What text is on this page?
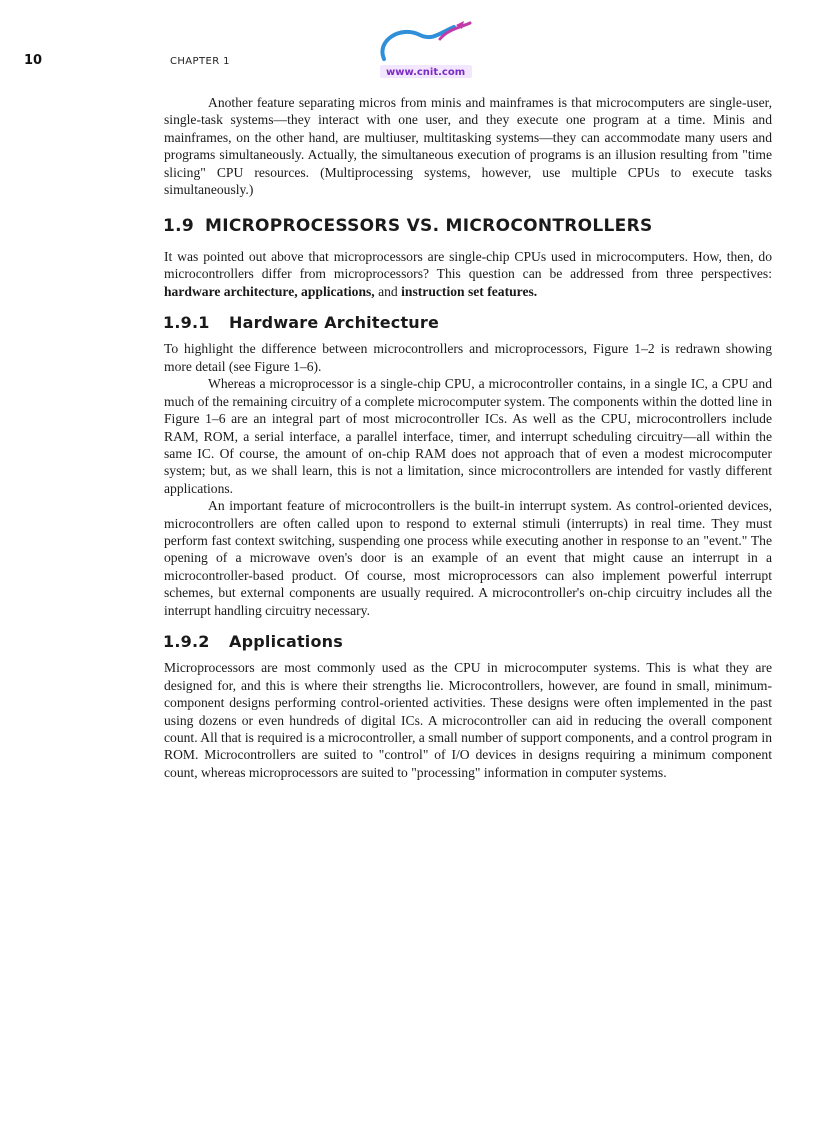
10	CHAPTER 1
www.cnit.com

Another feature separating micros from minis and mainframes is that microcomputers are single-user, single-task systems—they interact with one user, and they execute one program at a time. Minis and mainframes, on the other hand, are multiuser, multitasking systems—they can accommodate many users and programs simultaneously. Actually, the simultaneous execution of programs is an illusion resulting from "time slicing" CPU resources. (Multiprocessing systems, however, use multiple CPUs to execute tasks simultaneously.)

1.9 MICROPROCESSORS VS. MICROCONTROLLERS

It was pointed out above that microprocessors are single-chip CPUs used in microcomputers. How, then, do microcontrollers differ from microprocessors? This question can be addressed from three perspectives: hardware architecture, applications, and instruction set features.

1.9.1 Hardware Architecture

To highlight the difference between microcontrollers and microprocessors, Figure 1–2 is redrawn showing more detail (see Figure 1–6).

Whereas a microprocessor is a single-chip CPU, a microcontroller contains, in a single IC, a CPU and much of the remaining circuitry of a complete microcomputer system. The components within the dotted line in Figure 1–6 are an integral part of most microcontroller ICs. As well as the CPU, microcontrollers include RAM, ROM, a serial interface, a parallel interface, timer, and interrupt scheduling circuitry—all within the same IC. Of course, the amount of on-chip RAM does not approach that of even a modest microcomputer system; but, as we shall learn, this is not a limitation, since microcontrollers are intended for vastly different applications.

An important feature of microcontrollers is the built-in interrupt system. As control-oriented devices, microcontrollers are often called upon to respond to external stimuli (interrupts) in real time. They must perform fast context switching, suspending one process while executing another in response to an "event." The opening of a microwave oven's door is an example of an event that might cause an interrupt in a microcontroller-based product. Of course, most microprocessors can also implement powerful interrupt schemes, but external components are usually required. A microcontroller's on-chip circuitry includes all the interrupt handling circuitry necessary.

1.9.2 Applications

Microprocessors are most commonly used as the CPU in microcomputer systems. This is what they are designed for, and this is where their strengths lie. Microcontrollers, however, are found in small, minimum-component designs performing control-oriented activities. These designs were often implemented in the past using dozens or even hundreds of digital ICs. A microcontroller can aid in reducing the overall component count. All that is required is a microcontroller, a small number of support components, and a control program in ROM. Microcontrollers are suited to "control" of I/O devices in designs requiring a minimum component count, whereas microprocessors are suited to "processing" information in computer systems.
